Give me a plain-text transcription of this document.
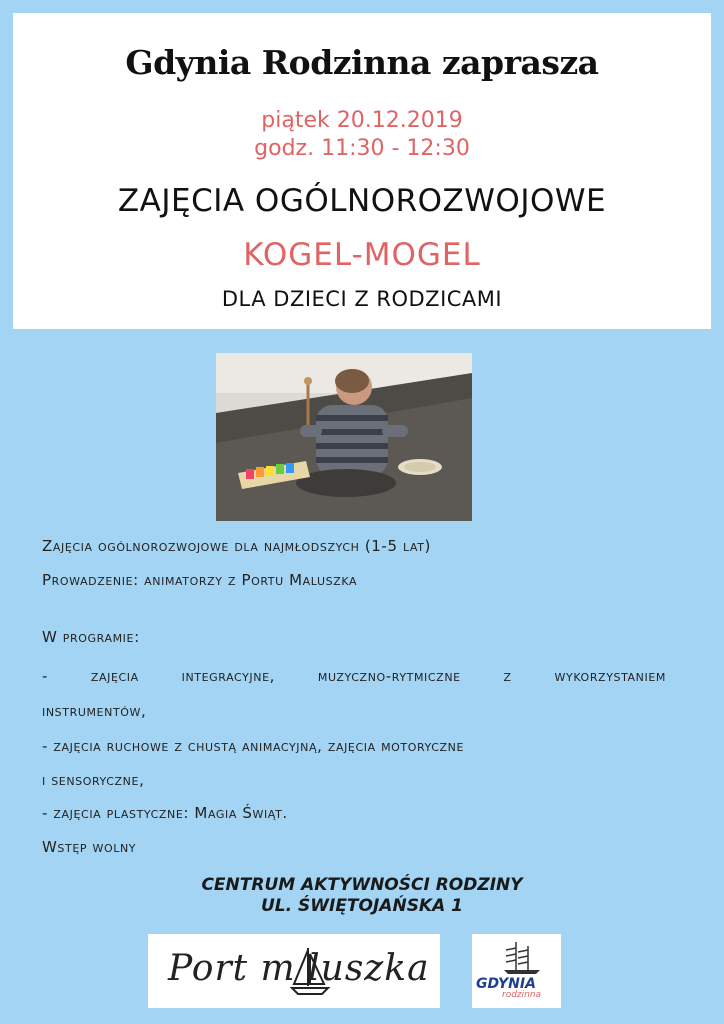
Gdynia Rodzinna zaprasza
piątek 20.12.2019
godz. 11:30 - 12:30
ZAJĘCIA OGÓLNOROZWOJOWE
KOGEL-MOGEL
DLA DZIECI Z RODZICAMI
Zajęcia ogólnorozwojowe dla najmłodszych (1-5 lat)
Prowadzenie: animatorzy z Portu Maluszka
W programie:
- zajęcia integracyjne, muzyczno-rytmiczne z wykorzystaniem
instrumentów,
- zajęcia ruchowe z chustą animacyjną, zajęcia motoryczne
i sensoryczne,
- zajęcia plastyczne: Magia Świąt.
Wstęp wolny
CENTRUM AKTYWNOŚCI RODZINY
UL. ŚWIĘTOJAŃSKA 1
Port m luszka	GDYNIA
rodzinna
